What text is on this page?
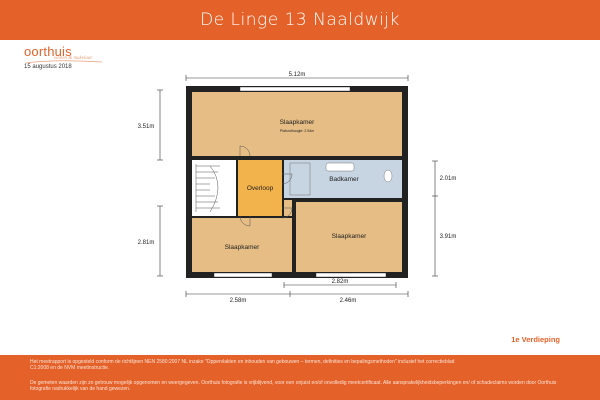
De Linge 13 Naaldwijk
oorthuis
wonen & makelaar
15 augustus 2018
5.12m
3.51m
2.81m
2.01m
3.91m
2.82m
2.58m	2.46m
Slaapkamer
Plafondhoogte: 2.54m
Overloop
Badkamer
Slaapkamer
Slaapkamer
1e Verdieping
Het meetrapport is opgesteld conform de richtlijnen NEN 2580:2007 NL inzake "Oppervlakten en inhouden van gebouwen – termen, definities en bepalingsmethoden" inclusief het correctieblad C1:2008 en de NVM meetinstructie.
De gemeten waarden zijn zo getrouw mogelijk opgenomen en weergegeven. Oorthuis fotografie is vrijblijvend, voor een onjuist en/of onvolledig meetcertificaat. Alle aansprakelijkheidsbeperkingen en/ of schadeclaims worden door Oorthuis fotografie nadrukkelijk van de hand gewezen.
